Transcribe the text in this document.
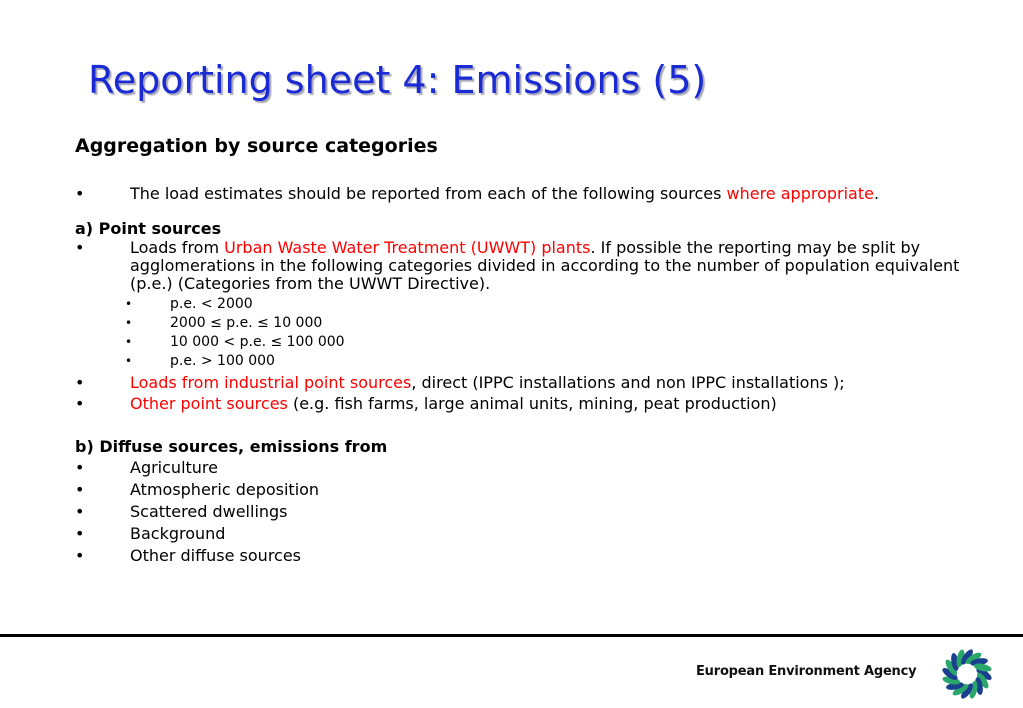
Reporting sheet 4: Emissions (5)
Aggregation by source categories
•	The load estimates should be reported from each of the following sources where appropriate.
a) Point sources
•	Loads from Urban Waste Water Treatment (UWWT) plants. If possible the reporting may be split by agglomerations in the following categories divided in according to the number of population equivalent (p.e.) (Categories from the UWWT Directive).
•	p.e. < 2000
•	2000 ≤ p.e. ≤ 10 000
•	10 000 < p.e. ≤ 100 000
•	p.e. > 100 000
•	Loads from industrial point sources, direct (IPPC installations and non IPPC installations );
•	Other point sources (e.g. fish farms, large animal units, mining, peat production)
b) Diffuse sources, emissions from
•	Agriculture
•	Atmospheric deposition
•	Scattered dwellings
•	Background
•	Other diffuse sources
European Environment Agency
